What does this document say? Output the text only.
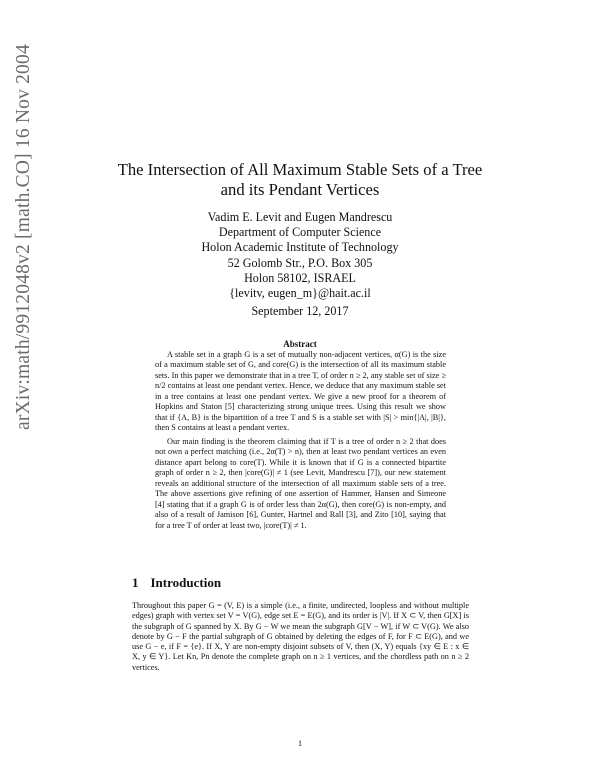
arXiv:math/9912048v2 [math.CO] 16 Nov 2004	The Intersection of All Maximum Stable Sets of a Tree
and its Pendant Vertices
Vadim E. Levit and Eugen Mandrescu
Department of Computer Science
Holon Academic Institute of Technology
52 Golomb Str., P.O. Box 305
Holon 58102, ISRAEL
{levitv, eugen_m}@hait.ac.il
September 12, 2017
Abstract

A stable set in a graph G is a set of mutually non-adjacent vertices, α(G) is the size of a maximum stable set of G, and core(G) is the intersection of all its maximum stable sets. In this paper we demonstrate that in a tree T, of order n ≥ 2, any stable set of size ≥ n/2 contains at least one pendant vertex. Hence, we deduce that any maximum stable set in a tree contains at least one pendant vertex. We give a new proof for a theorem of Hopkins and Staton [5] characterizing strong unique trees. Using this result we show that if {A, B} is the bipartition of a tree T and S is a stable set with |S| > min{|A|, |B|}, then S contains at least a pendant vertex.

Our main finding is the theorem claiming that if T is a tree of order n ≥ 2 that does not own a perfect matching (i.e., 2α(T) > n), then at least two pendant vertices an even distance apart belong to core(T). While it is known that if G is a connected bipartite graph of order n ≥ 2, then |core(G)| ≠ 1 (see Levit, Mandrescu [7]), our new statement reveals an additional structure of the intersection of all maximum stable sets of a tree. The above assertions give refining of one assertion of Hammer, Hansen and Simeone [4] stating that if a graph G is of order less than 2α(G), then core(G) is non-empty, and also of a result of Jamison [6], Gunter, Hartnel and Rall [3], and Zito [10], saying that for a tree T of order at least two, |core(T)| ≠ 1.

1 Introduction

Throughout this paper G = (V, E) is a simple (i.e., a finite, undirected, loopless and without multiple edges) graph with vertex set V = V(G), edge set E = E(G), and its order is |V|. If X ⊂ V, then G[X] is the subgraph of G spanned by X. By G − W we mean the subgraph G[V − W], if W ⊂ V(G). We also denote by G − F the partial subgraph of G obtained by deleting the edges of F, for F ⊂ E(G), and we use G − e, if F = {e}. If X, Y are non-empty disjoint subsets of V, then (X, Y) equals {xy ∈ E : x ∈ X, y ∈ Y}. Let Kn, Pn denote the complete graph on n ≥ 1 vertices, and the chordless path on n ≥ 2 vertices.

1
